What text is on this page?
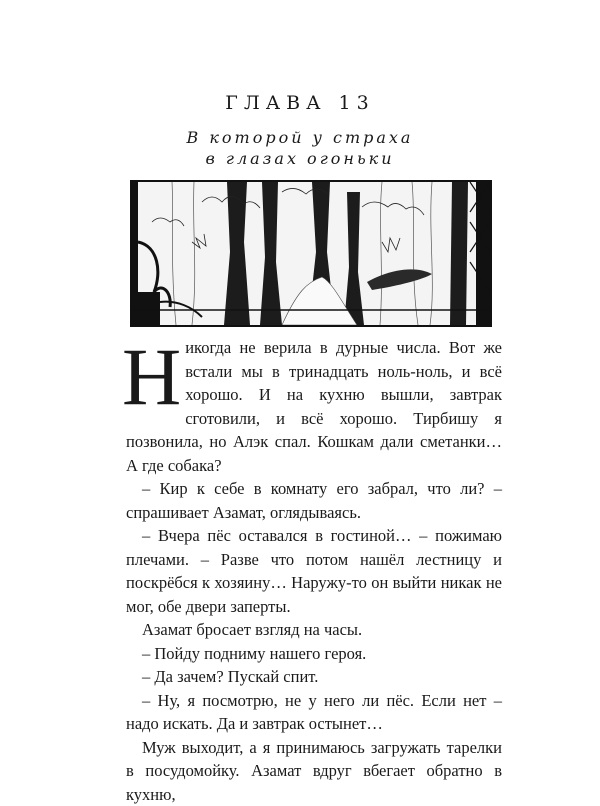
ГЛАВА 13
В которой у страха
в глазах огоньки

Никогда не верила в дурные числа. Вот же встали мы в тринадцать ноль-ноль, и всё хорошо. И на кухню вышли, завтрак сготовили, и всё хорошо. Тирбишу я позвонила, но Алэк спал. Кошкам дали сметанки… А где собака?

– Кир к себе в комнату его забрал, что ли? – спрашивает Азамат, оглядываясь.

– Вчера пёс оставался в гостиной… – пожимаю плечами. – Разве что потом нашёл лестницу и поскрёбся к хозяину… Наружу-то он выйти никак не мог, обе двери заперты.

Азамат бросает взгляд на часы.

– Пойду подниму нашего героя.

– Да зачем? Пускай спит.

– Ну, я посмотрю, не у него ли пёс. Если нет – надо искать. Да и завтрак остынет…

Муж выходит, а я принимаюсь загружать тарелки в посудомойку. Азамат вдруг вбегает обратно в кухню,
